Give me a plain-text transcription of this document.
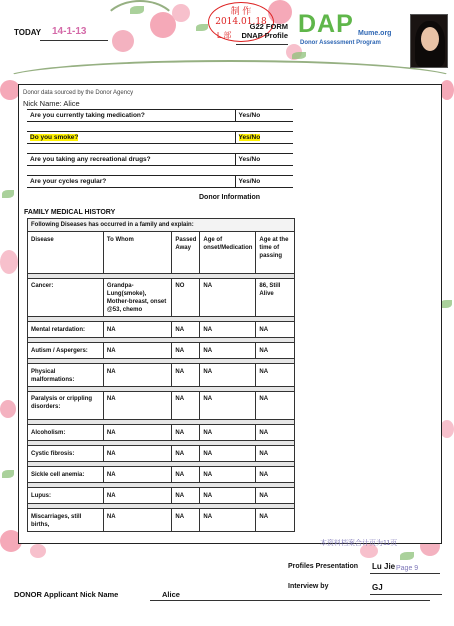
TODAY 14-1-13
制 作
2014.01.18
L 部
G22 FORM
DNAP Profile DAP Mume.org
Donor Assessment Program
Donor data sourced by the Donor Agency
Nick Name: Alice
Are you currently taking medication?	Yes/No

Do you smoke?	Yes/No

Are you taking any recreational drugs?	Yes/No

Are your cycles regular?	Yes/No
Donor Information
FAMILY MEDICAL HISTORY
Following Diseases has occurred in a family and explain:				
Disease	To Whom	Passed Away	Age of onset/Medication	Age at the time of passing

Cancer:	Grandpa-Lung(smoke), Mother-breast, onset @53, chemo	NO	NA	86, Still Alive

Mental retardation:	NA	NA	NA	NA

Autism / Aspergers:	NA	NA	NA	NA

Physical malformations:	NA	NA	NA	NA

Paralysis or crippling disorders:	NA	NA	NA	NA

Alcoholism:	NA	NA	NA	NA

Cystic fibrosis:	NA	NA	NA	NA

Sickle cell anemia:	NA	NA	NA	NA

Lupus:	NA	NA	NA	NA

Miscarriages, still births,	NA	NA	NA	NA
本资料档案合计页为11页
Profiles Presentation Lu Jie Page 9
Interview by	GJ
DONOR Applicant Nick Name	Alice
